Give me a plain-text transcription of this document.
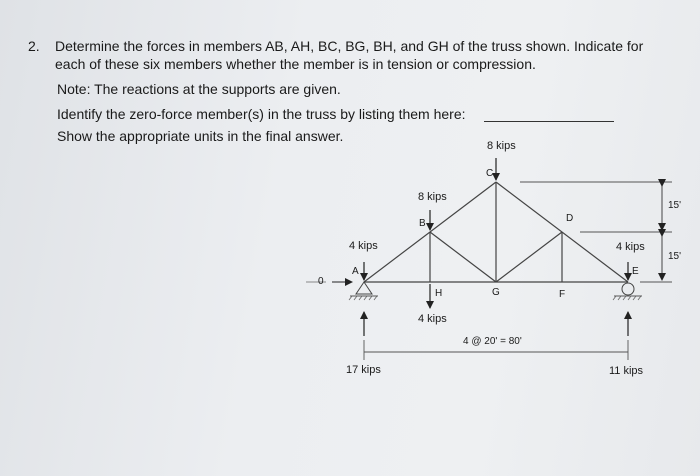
2. Determine the forces in members AB, AH, BC, BG, BH, and GH of the truss shown. Indicate for
each of these six members whether the member is in tension or compression.
Note: The reactions at the supports are given.
Identify the zero-force member(s) in the truss by listing them here:
Show the appropriate units in the final answer.
8 kips
8 kips
4 kips	4 kips
4 kips
A
B
C
D
E
F
G
H
0
15'
15'
4 @ 20' = 80'
17 kips	11 kips
